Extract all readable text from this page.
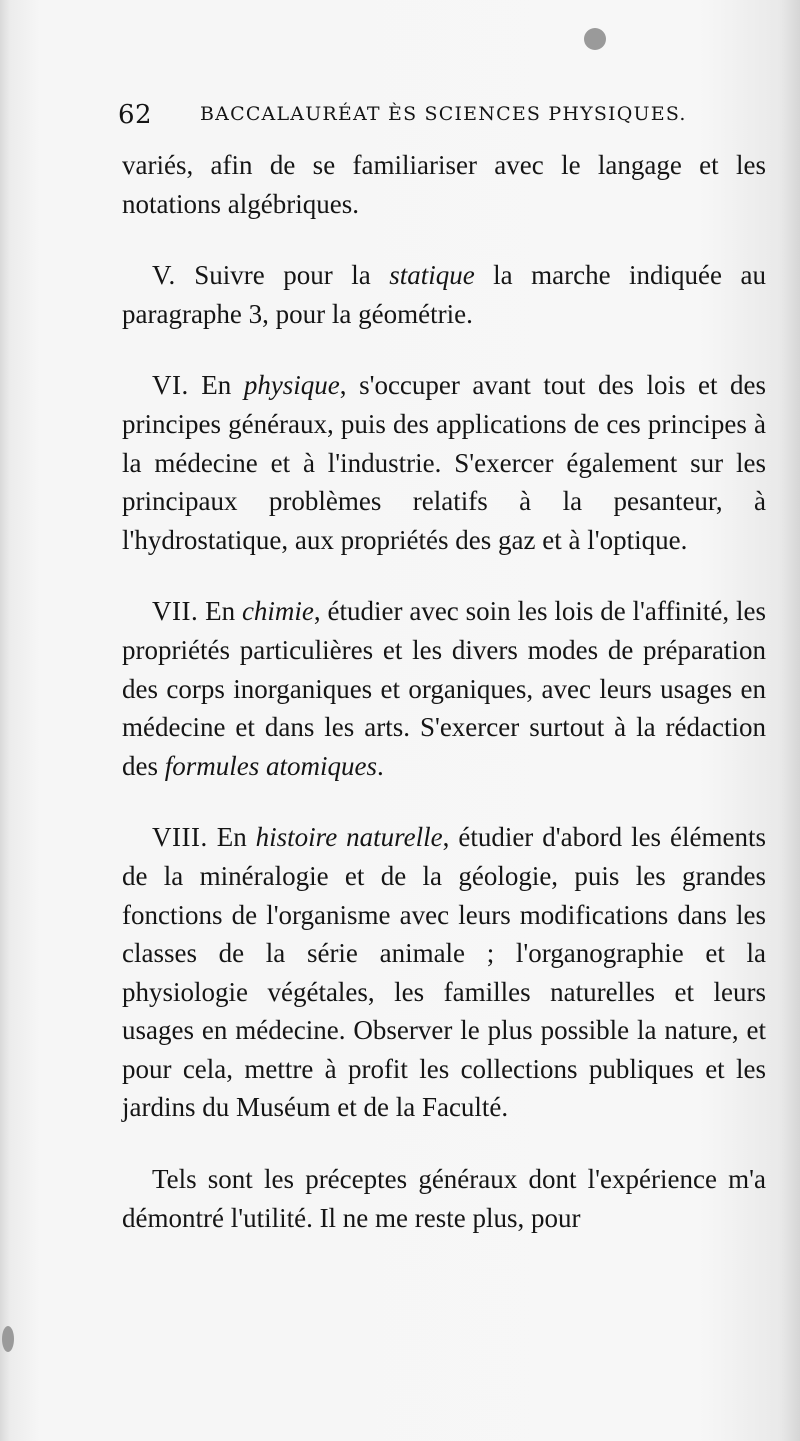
62	BACCALAURÉAT ÈS SCIENCES PHYSIQUES.

variés, afin de se familiariser avec le langage et les notations algébriques.

V. Suivre pour la statique la marche indiquée au paragraphe 3, pour la géométrie.

VI. En physique, s'occuper avant tout des lois et des principes généraux, puis des applications de ces principes à la médecine et à l'industrie. S'exercer également sur les principaux problèmes relatifs à la pesanteur, à l'hydrostatique, aux propriétés des gaz et à l'optique.

VII. En chimie, étudier avec soin les lois de l'affinité, les propriétés particulières et les divers modes de préparation des corps inorganiques et organiques, avec leurs usages en médecine et dans les arts. S'exercer surtout à la rédaction des formules atomiques.

VIII. En histoire naturelle, étudier d'abord les éléments de la minéralogie et de la géologie, puis les grandes fonctions de l'organisme avec leurs modifications dans les classes de la série animale ; l'organographie et la physiologie végétales, les familles naturelles et leurs usages en médecine. Observer le plus possible la nature, et pour cela, mettre à profit les collections publiques et les jardins du Muséum et de la Faculté.

Tels sont les préceptes généraux dont l'expérience m'a démontré l'utilité. Il ne me reste plus, pour
